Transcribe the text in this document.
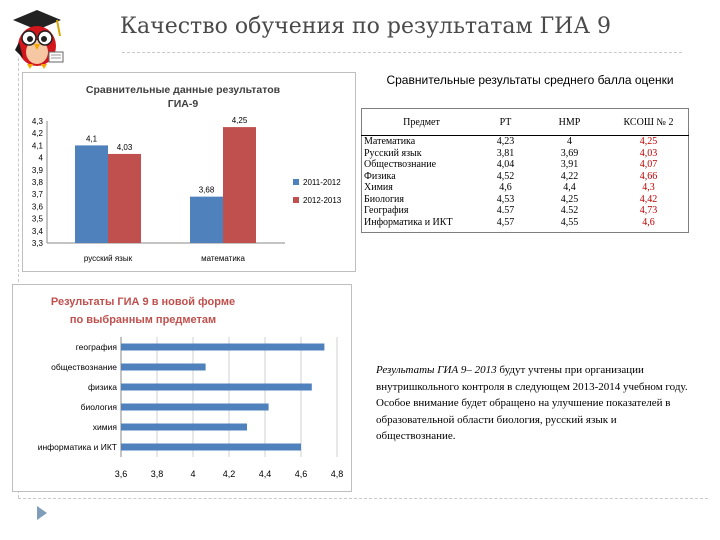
Качество обучения по результатам ГИА 9
Сравнительные данные результатов
ГИА-9
4,3
4,2
4,1
4
3,9
3,8
3,7
3,6
3,5
3,4
3,3
4,1
4,03
русский язык
3,68
4,25
математика
2011-2012
2012-2013
Результаты ГИА 9 в новой форме
по выбранным предметам
3,6	3,8	4	4,2	4,4	4,6	4,8
география
обществознание
физика
биология
химия
информатика и ИКТ
Сравнительные результаты среднего балла оценки
Предмет	РТ	НМР	КСОШ № 2
Математика	4,23	4	4,25
Русский язык	3,81	3,69	4,03
Обществознание	4,04	3,91	4,07
Физика	4,52	4,22	4,66
Химия	4,6	4,4	4,3
Биология	4,53	4,25	4,42
География	4.57	4.52	4,73
Информатика и ИКТ	4,57	4,55	4,6

Результаты ГИА 9– 2013 будут учтены при организации внутришкольного контроля в следующем 2013-2014 учебном году. Особое внимание будет обращено на улучшение показателей в образовательной области биология, русский язык и обществознание.
